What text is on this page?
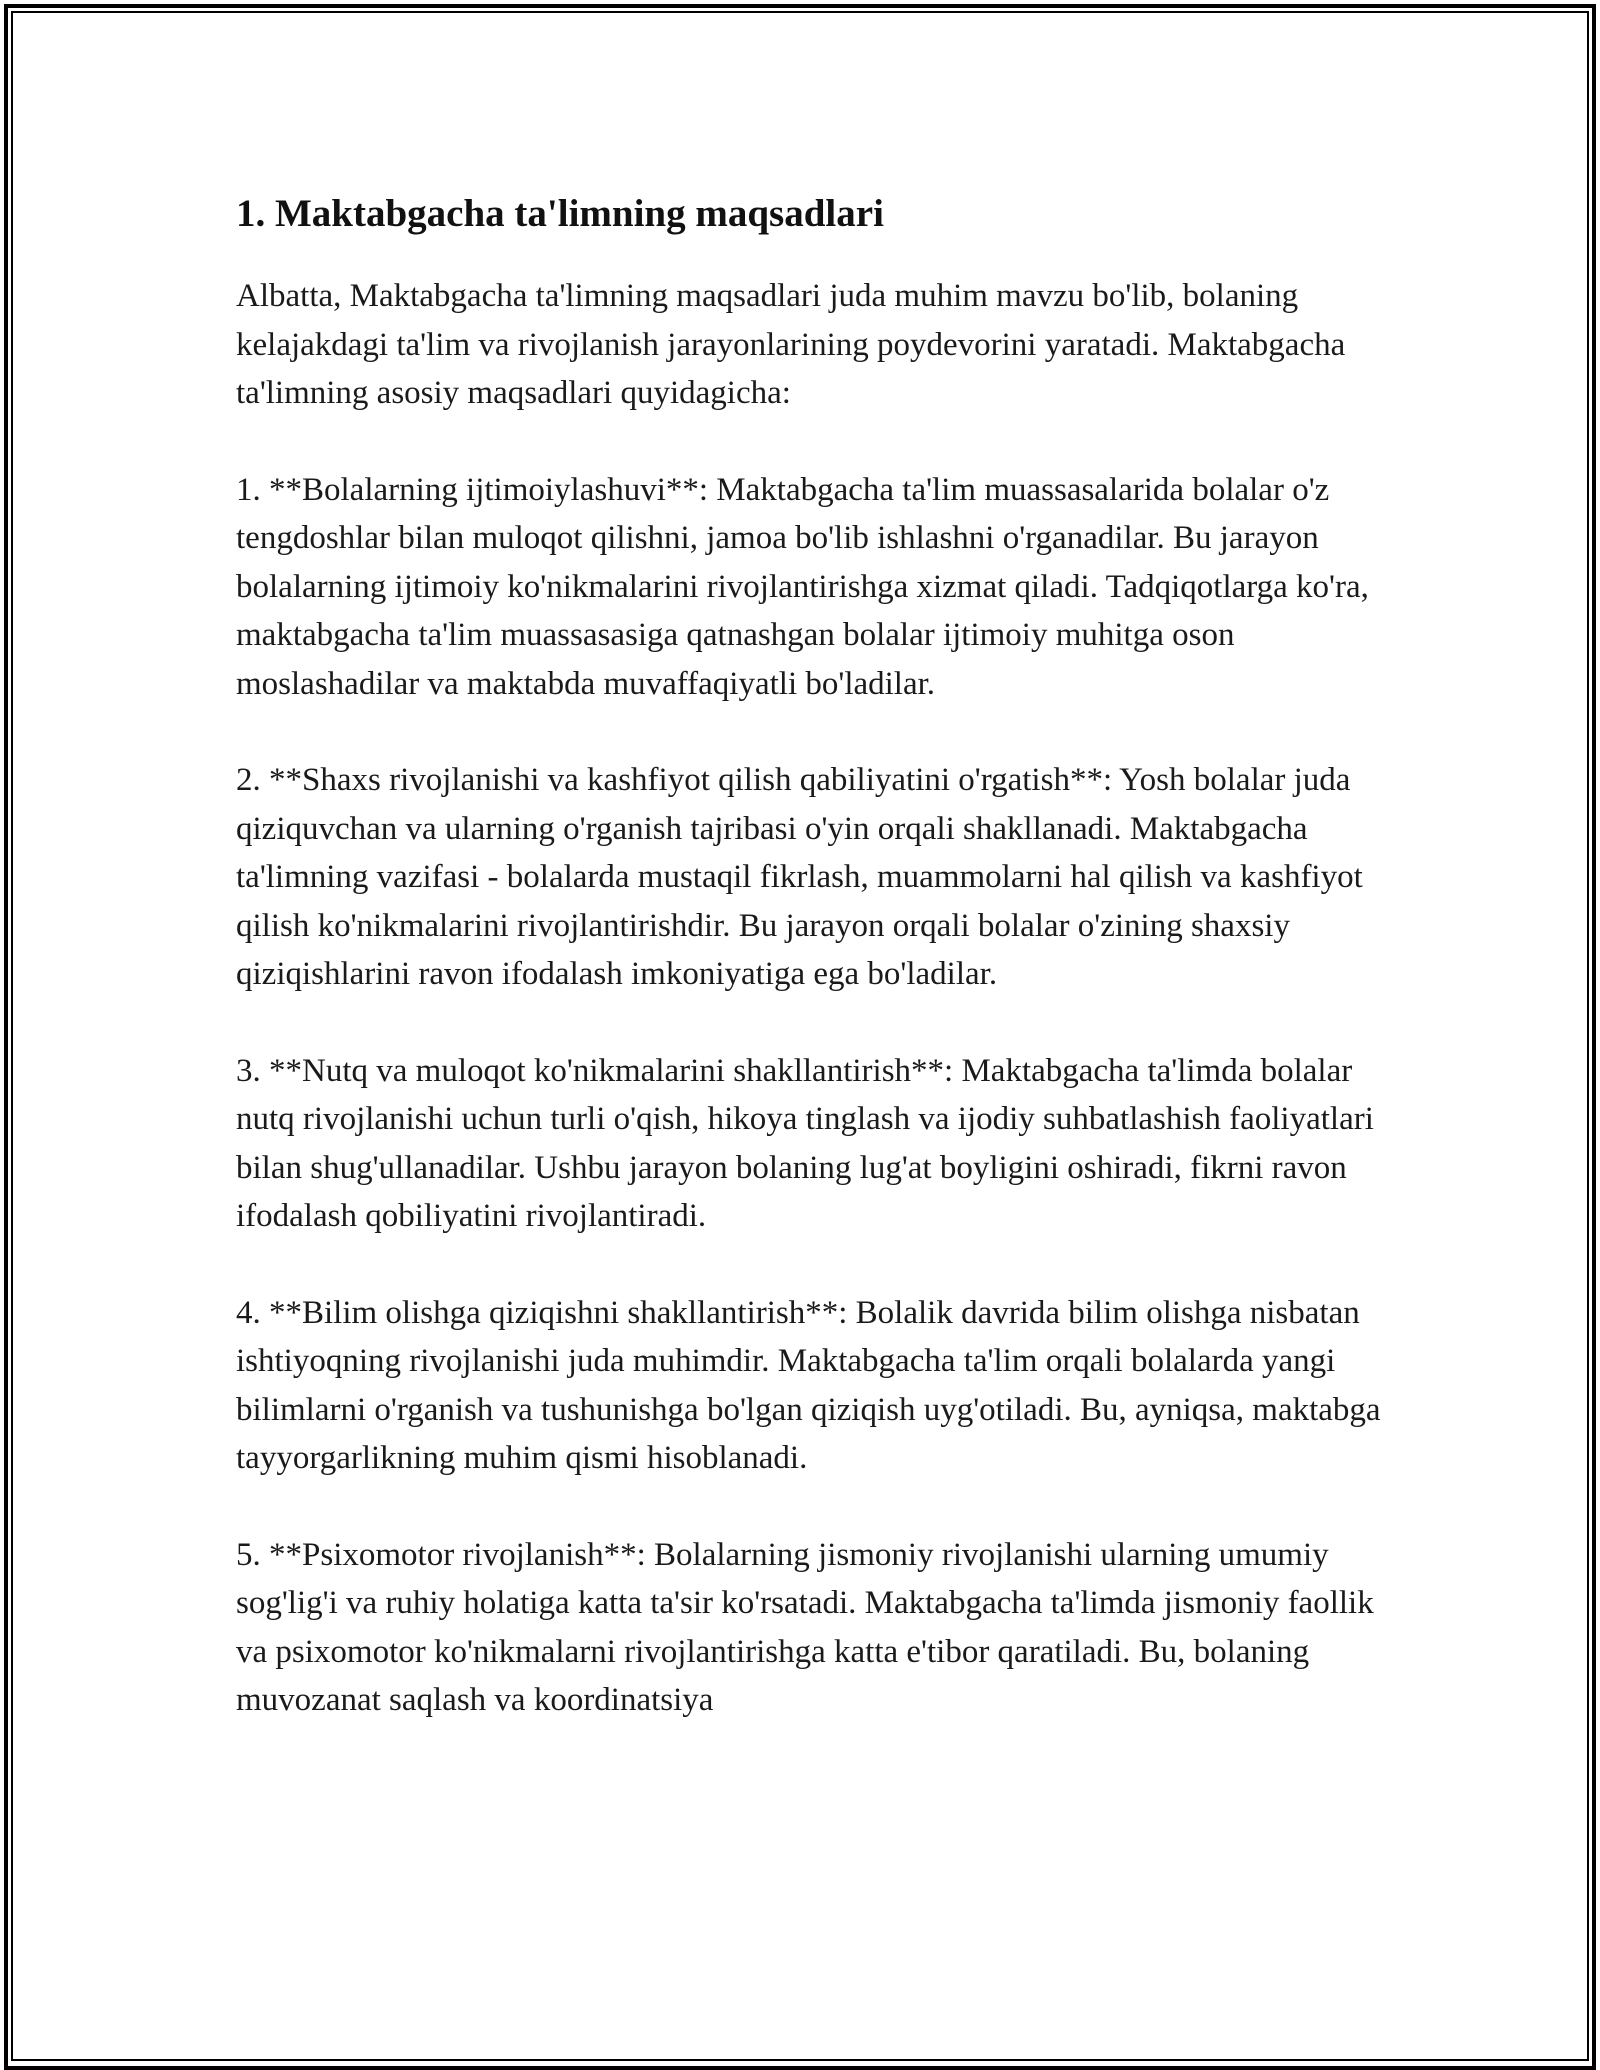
1. Maktabgacha ta'limning maqsadlari

Albatta, Maktabgacha ta'limning maqsadlari juda muhim mavzu bo'lib, bolaning kelajakdagi ta'lim va rivojlanish jarayonlarining poydevorini yaratadi. Maktabgacha ta'limning asosiy maqsadlari quyidagicha:

1. **Bolalarning ijtimoiylashuvi**: Maktabgacha ta'lim muassasalarida bolalar o'z tengdoshlar bilan muloqot qilishni, jamoa bo'lib ishlashni o'rganadilar. Bu jarayon bolalarning ijtimoiy ko'nikmalarini rivojlantirishga xizmat qiladi. Tadqiqotlarga ko'ra, maktabgacha ta'lim muassasasiga qatnashgan bolalar ijtimoiy muhitga oson moslashadilar va maktabda muvaffaqiyatli bo'ladilar.

2. **Shaxs rivojlanishi va kashfiyot qilish qabiliyatini o'rgatish**: Yosh bolalar juda qiziquvchan va ularning o'rganish tajribasi o'yin orqali shakllanadi. Maktabgacha ta'limning vazifasi - bolalarda mustaqil fikrlash, muammolarni hal qilish va kashfiyot qilish ko'nikmalarini rivojlantirishdir. Bu jarayon orqali bolalar o'zining shaxsiy qiziqishlarini ravon ifodalash imkoniyatiga ega bo'ladilar.

3. **Nutq va muloqot ko'nikmalarini shakllantirish**: Maktabgacha ta'limda bolalar nutq rivojlanishi uchun turli o'qish, hikoya tinglash va ijodiy suhbatlashish faoliyatlari bilan shug'ullanadilar. Ushbu jarayon bolaning lug'at boyligini oshiradi, fikrni ravon ifodalash qobiliyatini rivojlantiradi.

4. **Bilim olishga qiziqishni shakllantirish**: Bolalik davrida bilim olishga nisbatan ishtiyoqning rivojlanishi juda muhimdir. Maktabgacha ta'lim orqali bolalarda yangi bilimlarni o'rganish va tushunishga bo'lgan qiziqish uyg'otiladi. Bu, ayniqsa, maktabga tayyorgarlikning muhim qismi hisoblanadi.

5. **Psixomotor rivojlanish**: Bolalarning jismoniy rivojlanishi ularning umumiy sog'lig'i va ruhiy holatiga katta ta'sir ko'rsatadi. Maktabgacha ta'limda jismoniy faollik va psixomotor ko'nikmalarni rivojlantirishga katta e'tibor qaratiladi. Bu, bolaning muvozanat saqlash va koordinatsiya
